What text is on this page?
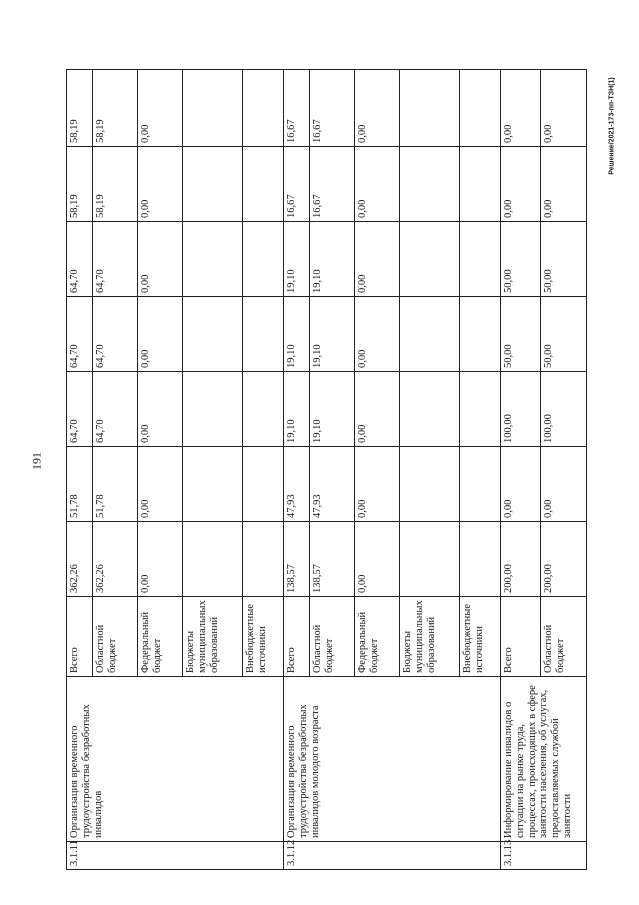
191
Решение/2021-173-пп-ТЗН(1)
3.1.11	Организация временного трудоустройства безработных инвалидов	Всего	362,26	51,78	64,70	64,70	64,70	58,19	58,19
		Областной бюджет	362,26	51,78	64,70	64,70	64,70	58,19	58,19
		Федеральный бюджет	0,00	0,00	0,00	0,00	0,00	0,00	0,00
		Бюджеты муниципальных образований							
		Внебюджетные источники							
3.1.12	Организация временного трудоустройства безработных инвалидов молодого возраста	Всего	138,57	47,93	19,10	19,10	19,10	16,67	16,67
		Областной бюджет	138,57	47,93	19,10	19,10	19,10	16,67	16,67
		Федеральный бюджет	0,00	0,00	0,00	0,00	0,00	0,00	0,00
		Бюджеты муниципальных образований							
		Внебюджетные источники							
3.1.13	Информирование инвалидов о ситуации на рынке труда, процессах, происходящих в сфере занятости населения, об услугах, предоставляемых службой занятости	Всего	200,00	0,00	100,00	50,00	50,00	0,00	0,00
		Областной бюджет	200,00	0,00	100,00	50,00	50,00	0,00	0,00
